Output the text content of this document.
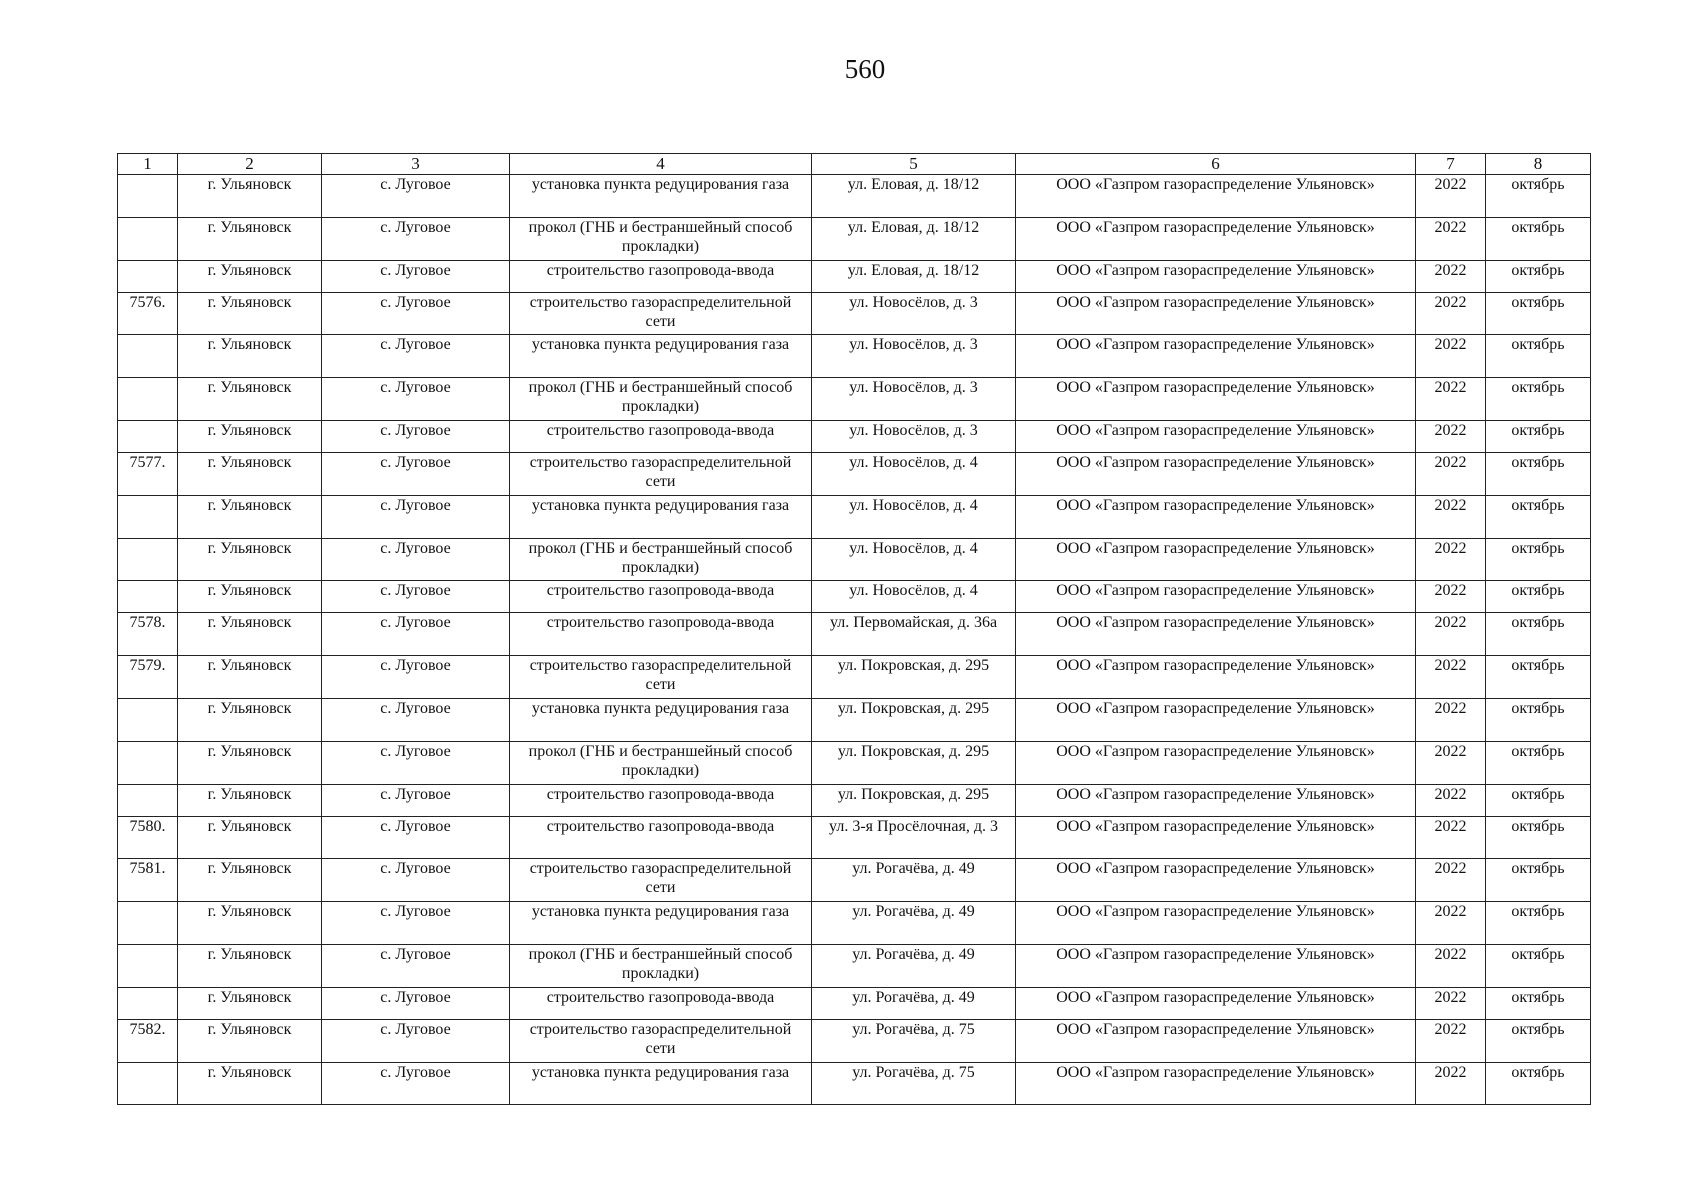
560
1	2	3	4	5	6	7	8
	г. Ульяновск	с. Луговое	установка пункта редуцирования газа	ул. Еловая, д. 18/12	ООО «Газпром газораспределение Ульяновск»	2022	октябрь
	г. Ульяновск	с. Луговое	прокол (ГНБ и бестраншейный способ прокладки)	ул. Еловая, д. 18/12	ООО «Газпром газораспределение Ульяновск»	2022	октябрь
	г. Ульяновск	с. Луговое	строительство газопровода-ввода	ул. Еловая, д. 18/12	ООО «Газпром газораспределение Ульяновск»	2022	октябрь
7576.	г. Ульяновск	с. Луговое	строительство газораспределительной сети	ул. Новосёлов, д. 3	ООО «Газпром газораспределение Ульяновск»	2022	октябрь
	г. Ульяновск	с. Луговое	установка пункта редуцирования газа	ул. Новосёлов, д. 3	ООО «Газпром газораспределение Ульяновск»	2022	октябрь
	г. Ульяновск	с. Луговое	прокол (ГНБ и бестраншейный способ прокладки)	ул. Новосёлов, д. 3	ООО «Газпром газораспределение Ульяновск»	2022	октябрь
	г. Ульяновск	с. Луговое	строительство газопровода-ввода	ул. Новосёлов, д. 3	ООО «Газпром газораспределение Ульяновск»	2022	октябрь
7577.	г. Ульяновск	с. Луговое	строительство газораспределительной сети	ул. Новосёлов, д. 4	ООО «Газпром газораспределение Ульяновск»	2022	октябрь
	г. Ульяновск	с. Луговое	установка пункта редуцирования газа	ул. Новосёлов, д. 4	ООО «Газпром газораспределение Ульяновск»	2022	октябрь
	г. Ульяновск	с. Луговое	прокол (ГНБ и бестраншейный способ прокладки)	ул. Новосёлов, д. 4	ООО «Газпром газораспределение Ульяновск»	2022	октябрь
	г. Ульяновск	с. Луговое	строительство газопровода-ввода	ул. Новосёлов, д. 4	ООО «Газпром газораспределение Ульяновск»	2022	октябрь
7578.	г. Ульяновск	с. Луговое	строительство газопровода-ввода	ул. Первомайская, д. 36а	ООО «Газпром газораспределение Ульяновск»	2022	октябрь
7579.	г. Ульяновск	с. Луговое	строительство газораспределительной сети	ул. Покровская, д. 295	ООО «Газпром газораспределение Ульяновск»	2022	октябрь
	г. Ульяновск	с. Луговое	установка пункта редуцирования газа	ул. Покровская, д. 295	ООО «Газпром газораспределение Ульяновск»	2022	октябрь
	г. Ульяновск	с. Луговое	прокол (ГНБ и бестраншейный способ прокладки)	ул. Покровская, д. 295	ООО «Газпром газораспределение Ульяновск»	2022	октябрь
	г. Ульяновск	с. Луговое	строительство газопровода-ввода	ул. Покровская, д. 295	ООО «Газпром газораспределение Ульяновск»	2022	октябрь
7580.	г. Ульяновск	с. Луговое	строительство газопровода-ввода	ул. 3-я Просёлочная, д. 3	ООО «Газпром газораспределение Ульяновск»	2022	октябрь
7581.	г. Ульяновск	с. Луговое	строительство газораспределительной сети	ул. Рогачёва, д. 49	ООО «Газпром газораспределение Ульяновск»	2022	октябрь
	г. Ульяновск	с. Луговое	установка пункта редуцирования газа	ул. Рогачёва, д. 49	ООО «Газпром газораспределение Ульяновск»	2022	октябрь
	г. Ульяновск	с. Луговое	прокол (ГНБ и бестраншейный способ прокладки)	ул. Рогачёва, д. 49	ООО «Газпром газораспределение Ульяновск»	2022	октябрь
	г. Ульяновск	с. Луговое	строительство газопровода-ввода	ул. Рогачёва, д. 49	ООО «Газпром газораспределение Ульяновск»	2022	октябрь
7582.	г. Ульяновск	с. Луговое	строительство газораспределительной сети	ул. Рогачёва, д. 75	ООО «Газпром газораспределение Ульяновск»	2022	октябрь
	г. Ульяновск	с. Луговое	установка пункта редуцирования газа	ул. Рогачёва, д. 75	ООО «Газпром газораспределение Ульяновск»	2022	октябрь
